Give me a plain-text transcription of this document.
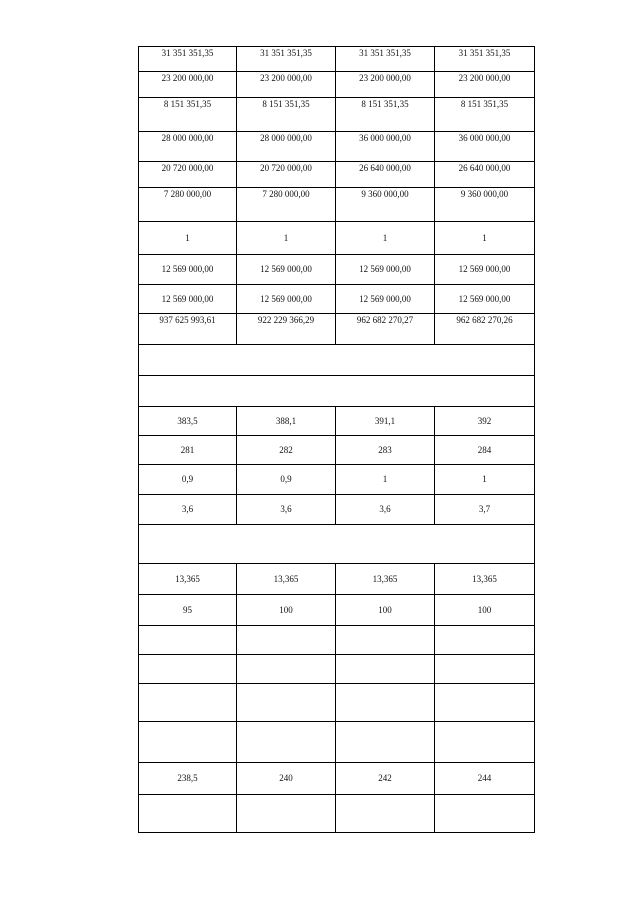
31 351 351,35	31 351 351,35	31 351 351,35	31 351 351,35
23 200 000,00	23 200 000,00	23 200 000,00	23 200 000,00
8 151 351,35	8 151 351,35	8 151 351,35	8 151 351,35
28 000 000,00	28 000 000,00	36 000 000,00	36 000 000,00
20 720 000,00	20 720 000,00	26 640 000,00	26 640 000,00
7 280 000,00	7 280 000,00	9 360 000,00	9 360 000,00
1	1	1	1
12 569 000,00	12 569 000,00	12 569 000,00	12 569 000,00
12 569 000,00	12 569 000,00	12 569 000,00	12 569 000,00
937 625 993,61	922 229 366,29	962 682 270,27	962 682 270,26

383,5	388,1	391,1	392
281	282	283	284
0,9	0,9	1	1
3,6	3,6	3,6	3,7

13,365	13,365	13,365	13,365
95	100	100	100

238,5	240	242	244
